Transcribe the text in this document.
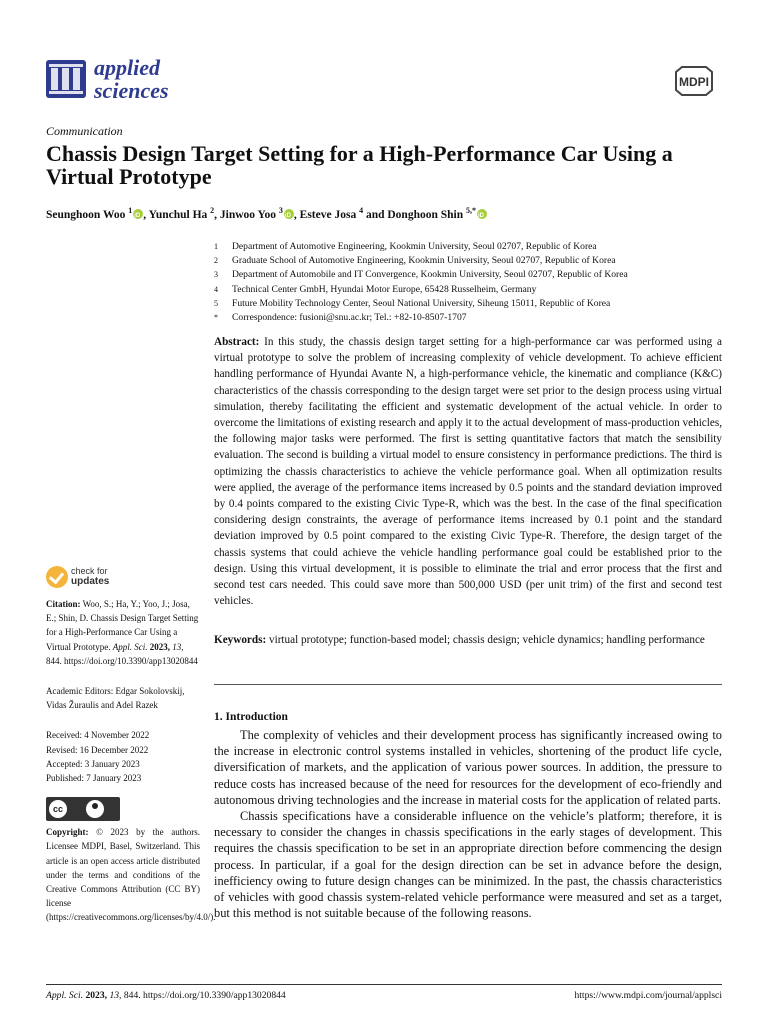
applied
sciences	MDPI
Communication
Chassis Design Target Setting for a High-Performance Car Using a Virtual Prototype
Seunghoon Woo $^1$ iD , Yunchul Ha $^2$, Jinwoo Yoo $^3$ iD , Esteve Josa $^4$ and Donghoon Shin $^{5,*}$iD
1	Department of Automotive Engineering, Kookmin University, Seoul 02707, Republic of Korea
2	Graduate School of Automotive Engineering, Kookmin University, Seoul 02707, Republic of Korea
3	Department of Automobile and IT Convergence, Kookmin University, Seoul 02707, Republic of Korea
4	Technical Center GmbH, Hyundai Motor Europe, 65428 Russelheim, Germany
5	Future Mobility Technology Center, Seoul National University, Siheung 15011, Republic of Korea
*	Correspondence: fusioni@snu.ac.kr; Tel.: +82-10-8507-1707
Abstract: In this study, the chassis design target setting for a high-performance car was performed using a virtual prototype to solve the problem of increasing complexity of vehicle development. To achieve efficient handling performance of Hyundai Avante N, a high-performance vehicle, the kinematic and compliance (K&C) characteristics of the chassis corresponding to the design target were set prior to the design process using virtual simulation, thereby facilitating the efficient and systematic development of the actual vehicle. In order to overcome the limitations of existing research and apply it to the actual development of mass-production vehicles, the following major tasks were performed. The first is setting quantitative factors that match the sensibility evaluation. The second is building a virtual model to ensure consistency in performance predictions. The third is optimizing the chassis characteristics to achieve the vehicle performance goal. When all optimization results were applied, the average of the performance items increased by 0.5 points and the standard deviation improved by 0.4 points compared to the existing Civic Type-R, which was the best. In the case of the final specification considering design constraints, the average of performance items increased by 0.1 point and the standard deviation improved by 0.5 point compared to the existing Civic Type-R. Therefore, the design target of the chassis systems that could achieve the vehicle handling performance goal could be established prior to the design. Using this virtual development, it is possible to eliminate the trial and error process that the first and second test cars needed. This could save more than 500,000 USD (per unit trim) of the first and second test vehicles.
Keywords: virtual prototype; function-based model; chassis design; vehicle dynamics; handling performance
check for
updates

Citation: Woo, S.; Ha, Y.; Yoo, J.; Josa, E.; Shin, D. Chassis Design Target Setting for a High-Performance Car Using a Virtual Prototype. Appl. Sci. 2023, 13, 844. https://doi.org/10.3390/app13020844

Academic Editors: Edgar Sokolovskij, Vidas Žuraulis and Adel Razek

Received: 4 November 2022

Revised: 16 December 2022

Accepted: 3 January 2023

Published: 7 January 2023

cc
BY

Copyright: © 2023 by the authors. Licensee MDPI, Basel, Switzerland. This article is an open access article distributed under the terms and conditions of the Creative Commons Attribution (CC BY) license (https://creativecommons.org/licenses/by/4.0/).

1. Introduction

The complexity of vehicles and their development process has significantly increased owing to the increase in electronic control systems installed in vehicles, shortening of the product life cycle, diversification of markets, and the application of various power sources. In addition, the pressure to reduce costs has increased because of the need for resources for the development of eco-friendly and autonomous driving technologies and the increase in material costs for the application of related parts.

Chassis specifications have a considerable influence on the vehicle’s platform; therefore, it is necessary to consider the changes in chassis specifications in the early stages of development. This requires the chassis specification to be set in an appropriate direction before commencing the design process. In particular, if a goal for the design direction can be set in advance before the design, inefficiency owing to future design changes can be minimized. In the past, the chassis characteristics of vehicles with good chassis system-related vehicle performance were measured and set as a target, but this method is not suitable because of the following reasons.

Appl. Sci. 2023, 13, 844. https://doi.org/10.3390/app13020844	https://www.mdpi.com/journal/applsci
